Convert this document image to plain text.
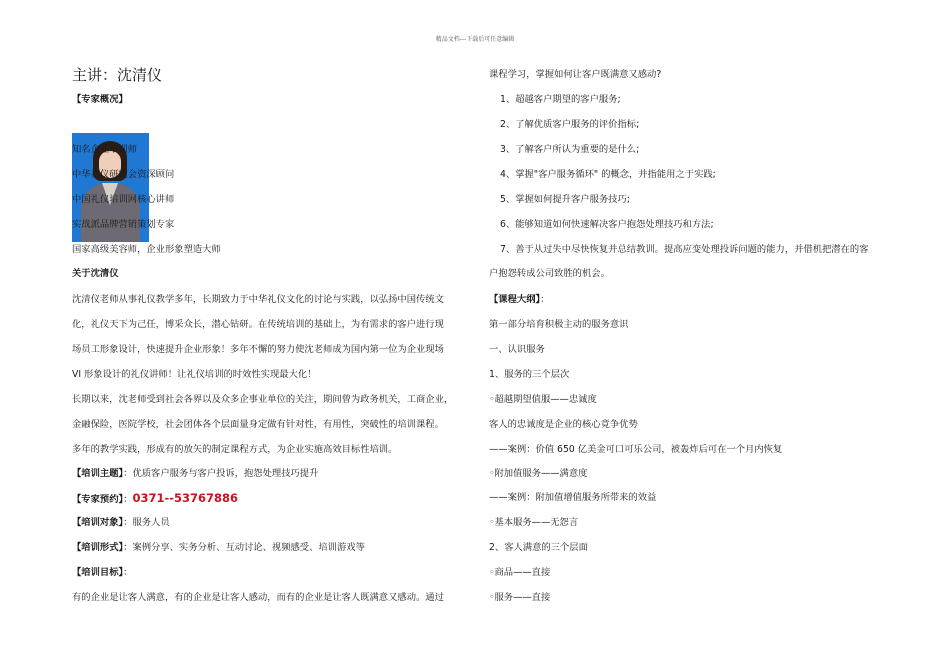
精品文档---下载后可任意编辑
主讲：沈清仪
【专家概况】
知名企业培训师
中华礼仪研究会资深顾问
中国礼仪培训网核心讲师
实战派品牌营销策划专家
国家高级美容师，企业形象塑造大师
关于沈清仪
沈清仪老师从事礼仪教学多年，长期致力于中华礼仪文化的讨论与实践，以弘扬中国传统文
化，礼仪天下为己任，博采众长，潜心钻研。在传统培训的基础上，为有需求的客户进行现
场员工形象设计，快速提升企业形象！多年不懈的努力使沈老师成为国内第一位为企业现场
VI 形象设计的礼仪讲师！让礼仪培训的时效性实现最大化！
长期以来，沈老师受到社会各界以及众多企事业单位的关注，期间曾为政务机关，工商企业，
金融保险，医院学校，社会团体各个层面量身定做有针对性，有用性，突破性的培训课程。
多年的教学实践，形成有的放矢的制定课程方式，为企业实施高效目标性培训。
【培训主题】：优质客户服务与客户投诉，抱怨处理技巧提升
【专家预约】：0371--53767886
【培训对象】：服务人员
【培训形式】：案例分享、实务分析、互动讨论、视频感受、培训游戏等
【培训目标】：
有的企业是让客人满意，有的企业是让客人感动，而有的企业是让客人既满意又感动。通过
课程学习，掌握如何让客户既满意又感动?
1、超越客户期望的客户服务;
2、了解优质客户服务的评价指标;
3、了解客户所认为重要的是什么;
4、掌握"客户服务循环" 的概念，并指能用之于实践;
5、掌握如何提升客户服务技巧;
6、能够知道如何快速解决客户抱怨处理技巧和方法;
7、善于从过失中尽快恢复并总结教训。提高应变处理投诉问题的能力，并借机把潜在的客
户抱怨转成公司致胜的机会。
【课程大纲】：
第一部分培育积极主动的服务意识
一、认识服务
1、服务的三个层次
◦超越期望值服——忠诚度
客人的忠诚度是企业的核心竟争优势
——案例：价值 650 亿美金可口可乐公司，被轰炸后可在一个月内恢复
◦附加值服务——满意度
——案例：附加值增值服务所带来的效益
◦基本服务——无怨言
2、客人满意的三个层面
◦商品——直接
◦服务——直接
